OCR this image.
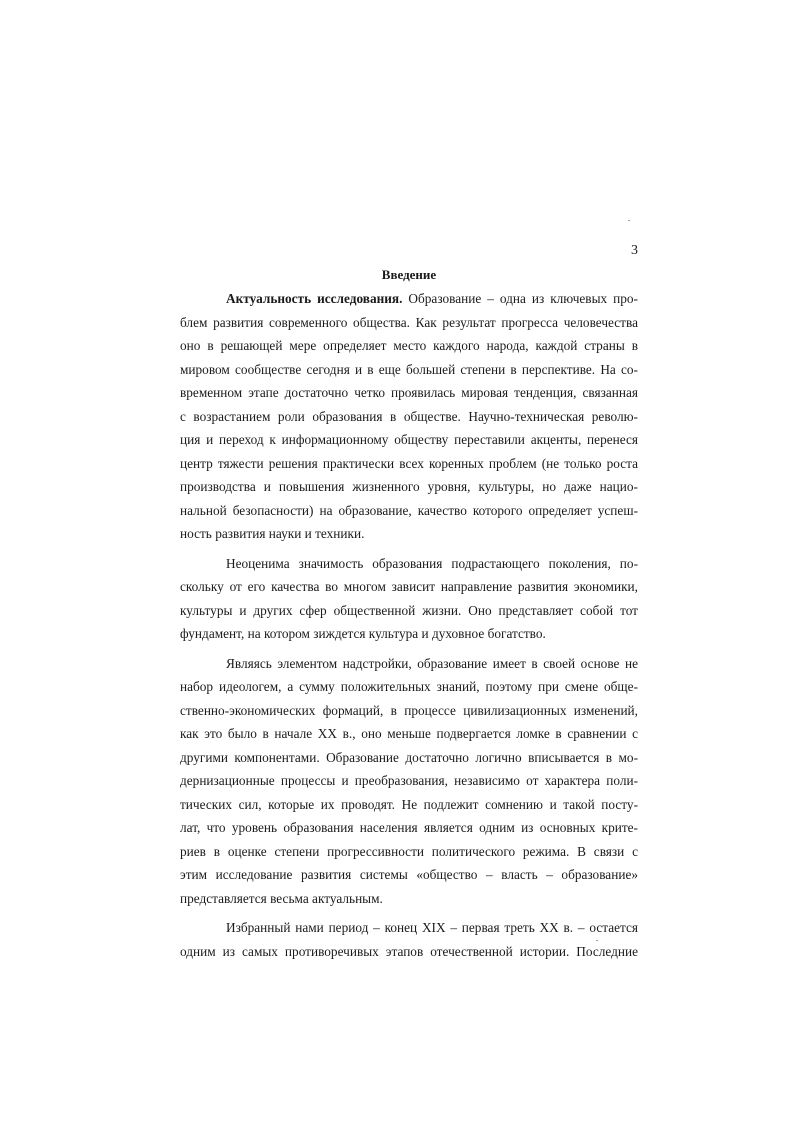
3
Введение
Актуальность исследования. Образование – одна из ключевых про-
блем развития современного общества. Как результат прогресса человечества
оно в решающей мере определяет место каждого народа, каждой страны в
мировом сообществе сегодня и в еще большей степени в перспективе. На со-
временном этапе достаточно четко проявилась мировая тенденция, связанная
с возрастанием роли образования в обществе. Научно-техническая револю-
ция и переход к информационному обществу переставили акценты, перенеся
центр тяжести решения практически всех коренных проблем (не только роста
производства и повышения жизненного уровня, культуры, но даже нацио-
нальной безопасности) на образование, качество которого определяет успеш-
ность развития науки и техники.
Неоценима значимость образования подрастающего поколения, по-
скольку от его качества во многом зависит направление развития экономики,
культуры и других сфер общественной жизни. Оно представляет собой тот
фундамент, на котором зиждется культура и духовное богатство.
Являясь элементом надстройки, образование имеет в своей основе не
набор идеологем, а сумму положительных знаний, поэтому при смене обще-
ственно-экономических формаций, в процессе цивилизационных изменений,
как это было в начале XX в., оно меньше подвергается ломке в сравнении с
другими компонентами. Образование достаточно логично вписывается в мо-
дернизационные процессы и преобразования, независимо от характера поли-
тических сил, которые их проводят. Не подлежит сомнению и такой посту-
лат, что уровень образования населения является одним из основных крите-
риев в оценке степени прогрессивности политического режима. В связи с
этим исследование развития системы «общество – власть – образование»
представляется весьма актуальным.
Избранный нами период – конец XIX – первая треть XX в. – остается
одним из самых противоречивых этапов отечественной истории. Последние
